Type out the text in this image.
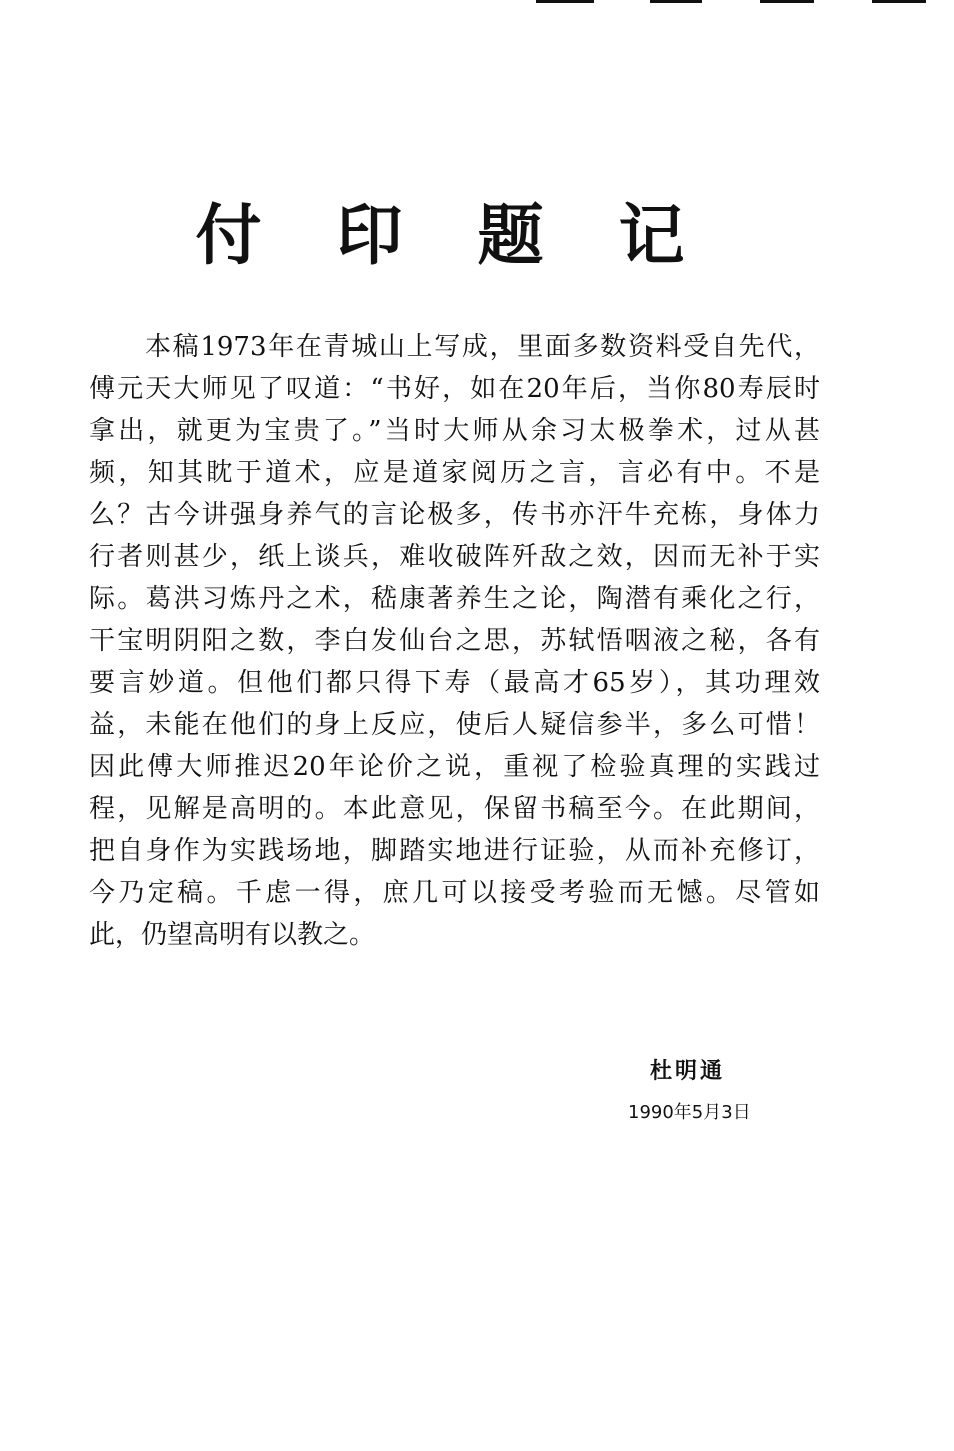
付 印 题 记
本稿1973年在青城山上写成，里面多数资料受自先代，
傅元天大师见了叹道：“书好，如在20年后，当你80寿辰时
拿出，就更为宝贵了。”当时大师从余习太极拳术，过从甚
频，知其眈于道术，应是道家阅历之言，言必有中。不是
么？古今讲强身养气的言论极多，传书亦汗牛充栋，身体力
行者则甚少，纸上谈兵，难收破阵歼敌之效，因而无补于实
际。葛洪习炼丹之术，嵇康著养生之论，陶潜有乘化之行，
干宝明阴阳之数，李白发仙台之思，苏轼悟咽液之秘，各有
要言妙道。但他们都只得下寿（最高才65岁），其功理效
益，未能在他们的身上反应，使后人疑信参半，多么可惜！
因此傅大师推迟20年论价之说，重视了检验真理的实践过
程，见解是高明的。本此意见，保留书稿至今。在此期间，
把自身作为实践场地，脚踏实地进行证验，从而补充修订，
今乃定稿。千虑一得，庶几可以接受考验而无憾。尽管如
此，仍望高明有以教之。

杜明通

1990年5月3日
